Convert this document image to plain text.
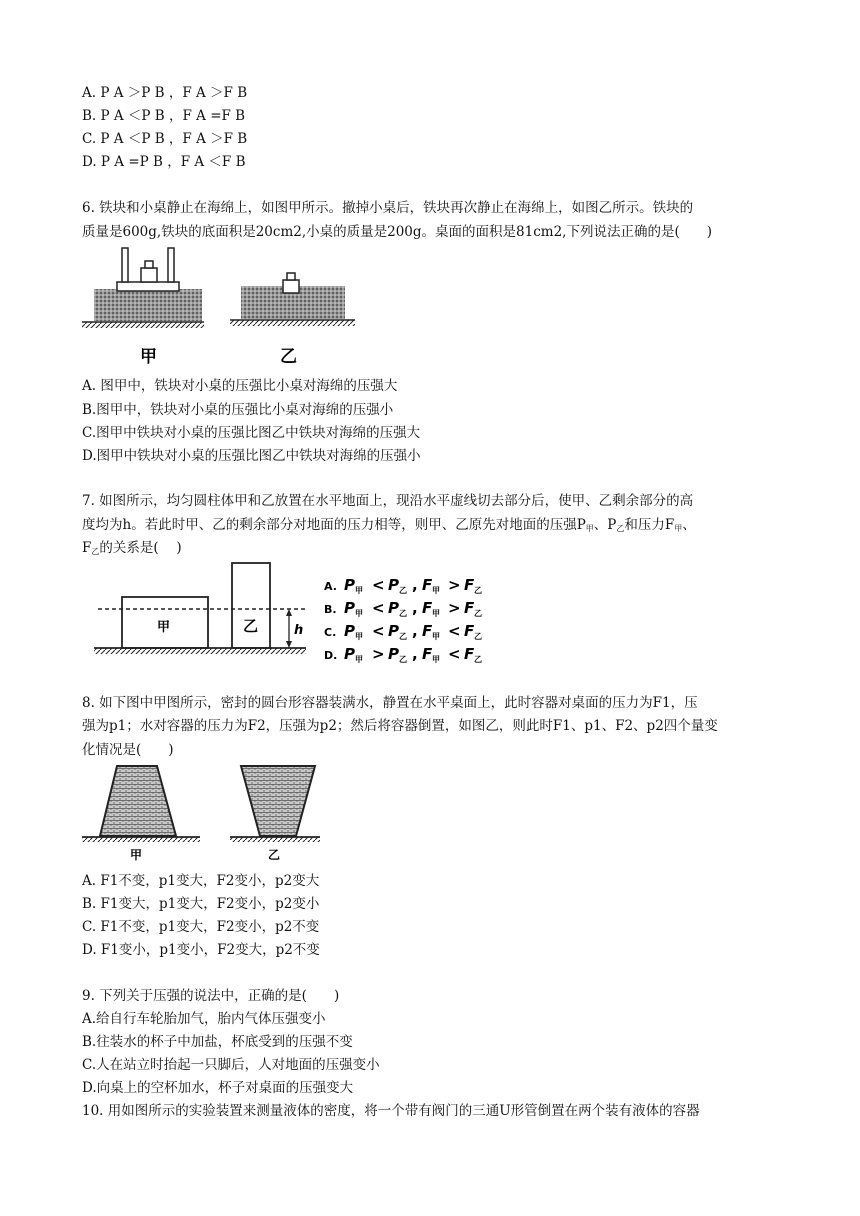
A. P A ＞P B ，F A ＞F B
B. P A ＜P B ，F A =F B
C. P A ＜P B ，F A ＞F B
D. P A =P B ，F A ＜F B
6. 铁块和小桌静止在海绵上，如图甲所示。撤掉小桌后，铁块再次静止在海绵上，如图乙所示。铁块的
质量是600g,铁块的底面积是20cm2,小桌的质量是200g。桌面的面积是81cm2,下列说法正确的是(　　)
甲	乙
A. 图甲中，铁块对小桌的压强比小桌对海绵的压强大
B.图甲中，铁块对小桌的压强比小桌对海绵的压强小
C.图甲中铁块对小桌的压强比图乙中铁块对海绵的压强大
D.图甲中铁块对小桌的压强比图乙中铁块对海绵的压强小
7. 如图所示，均匀圆柱体甲和乙放置在水平地面上，现沿水平虚线切去部分后，使甲、乙剩余部分的高
度均为h。若此时甲、乙的剩余部分对地面的压力相等，则甲、乙原先对地面的压强$P_甲$、$P_乙$和压力$F_甲$、
$F_乙$的关系是(　 )
甲	乙	h
A. P 甲 < P 乙 , F 甲 > F 乙
B. P 甲 < P 乙 , F 甲 > F 乙
C. P 甲 < P 乙 , F 甲 < F 乙
D. P 甲 > P 乙 , F 甲 < F 乙
8. 如下图中甲图所示，密封的圆台形容器装满水，静置在水平桌面上，此时容器对桌面的压力为F1，压
强为p1；水对容器的压力为F2，压强为p2；然后将容器倒置，如图乙，则此时F1、p1、F2、p2四个量变
化情况是(　　)
甲	乙
A. F1不变，p1变大，F2变小，p2变大
B. F1变大，p1变大，F2变小，p2变小
C. F1不变，p1变大，F2变小，p2不变
D. F1变小，p1变小，F2变大，p2不变
9. 下列关于压强的说法中，正确的是(　　)
A.给自行车轮胎加气，胎内气体压强变小
B.往装水的杯子中加盐，杯底受到的压强不变
C.人在站立时抬起一只脚后，人对地面的压强变小
D.向桌上的空杯加水，杯子对桌面的压强变大
10. 用如图所示的实验装置来测量液体的密度，将一个带有阀门的三通U形管倒置在两个装有液体的容器
